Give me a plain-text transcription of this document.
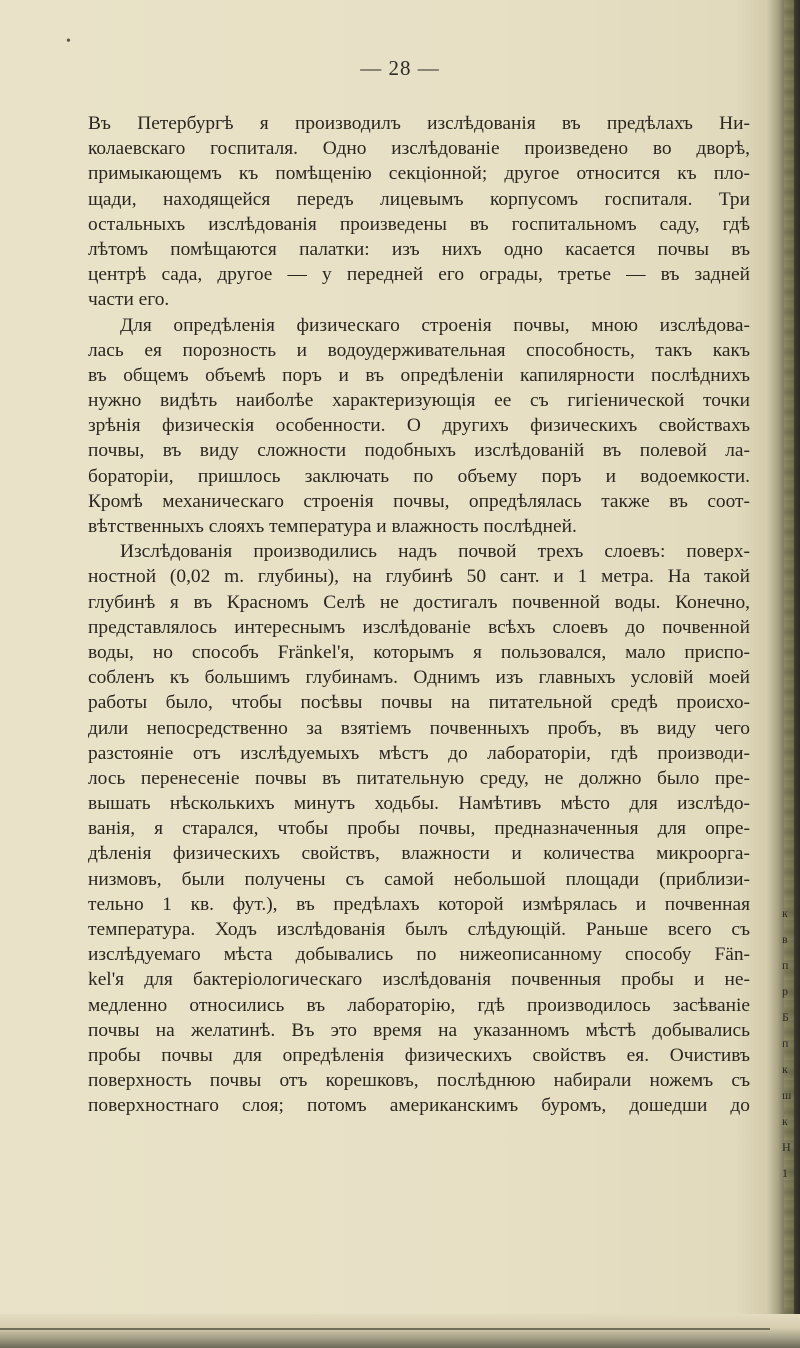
•
— 28 —
Въ Петербургѣ я производилъ изслѣдованія въ предѣлахъ Ни-
колаевскаго госпиталя. Одно изслѣдованіе произведено во дворѣ,
примыкающемъ къ помѣщенію секціонной; другое относится къ пло-
щади, находящейся передъ лицевымъ корпусомъ госпиталя. Три
остальныхъ изслѣдованія произведены въ госпитальномъ саду, гдѣ
лѣтомъ помѣщаются палатки: изъ нихъ одно касается почвы въ
центрѣ сада, другое — у передней его ограды, третье — въ задней
части его.
Для опредѣленія физическаго строенія почвы, мною изслѣдова-
лась ея порозность и водоудерживательная способность, такъ какъ
въ общемъ объемѣ поръ и въ опредѣленіи капилярности послѣднихъ
нужно видѣть наиболѣе характеризующія ее съ гигіенической точки
зрѣнія физическія особенности. О другихъ физическихъ свойствахъ
почвы, въ виду сложности подобныхъ изслѣдованій въ полевой ла-
бораторіи, пришлось заключать по объему поръ и водоемкости.
Кромѣ механическаго строенія почвы, опредѣлялась также въ соот-
вѣтственныхъ слояхъ температура и влажность послѣдней.
Изслѣдованія производились надъ почвой трехъ слоевъ: поверх-
ностной (0,02 m. глубины), на глубинѣ 50 сант. и 1 метра. На такой
глубинѣ я въ Красномъ Селѣ не достигалъ почвенной воды. Конечно,
представлялось интереснымъ изслѣдованіе всѣхъ слоевъ до почвенной
воды, но способъ Fränkel'я, которымъ я пользовался, мало приспо-
собленъ къ большимъ глубинамъ. Однимъ изъ главныхъ условій моей
работы было, чтобы посѣвы почвы на питательной средѣ происхо-
дили непосредственно за взятіемъ почвенныхъ пробъ, въ виду чего
разстояніе отъ изслѣдуемыхъ мѣстъ до лабораторіи, гдѣ производи-
лось перенесеніе почвы въ питательную среду, не должно было пре-
вышать нѣсколькихъ минутъ ходьбы. Намѣтивъ мѣсто для изслѣдо-
ванія, я старался, чтобы пробы почвы, предназначенныя для опре-
дѣленія физическихъ свойствъ, влажности и количества микроорга-
низмовъ, были получены съ самой небольшой площади (приблизи-
тельно 1 кв. фут.), въ предѣлахъ которой измѣрялась и почвенная
температура. Ходъ изслѣдованія былъ слѣдующій. Раньше всего съ
изслѣдуемаго мѣста добывались по нижеописанному способу Fän-
kel'я для бактеріологическаго изслѣдованія почвенныя пробы и не-
медленно относились въ лабораторію, гдѣ производилось засѣваніе
почвы на желатинѣ. Въ это время на указанномъ мѣстѣ добывались
пробы почвы для опредѣленія физическихъ свойствъ ея. Очистивъ
поверхность почвы отъ корешковъ, послѣднюю набирали ножемъ съ
поверхностнаго слоя; потомъ американскимъ буромъ, дошедши до
к
в
п
р
Б
п
к
ш
к
Н
1
